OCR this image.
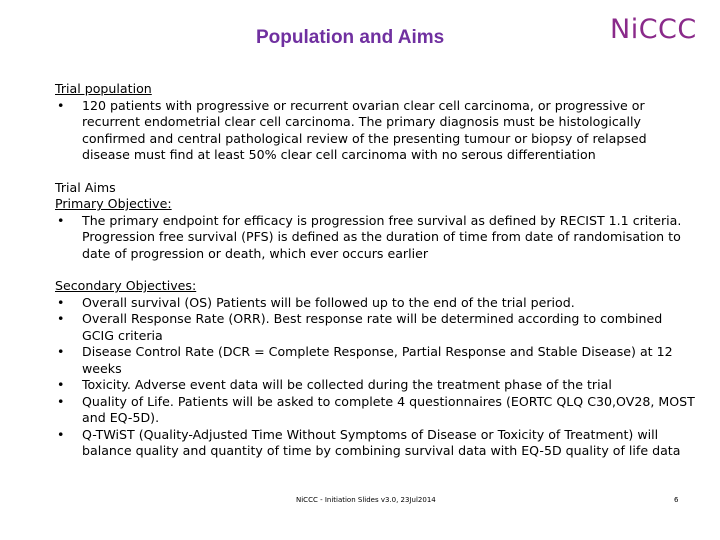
Population and Aims	NiCCC
Trial population
• 120 patients with progressive or recurrent ovarian clear cell carcinoma, or progressive or recurrent endometrial clear cell carcinoma. The primary diagnosis must be histologically confirmed and central pathological review of the presenting tumour or biopsy of relapsed disease must find at least 50% clear cell carcinoma with no serous differentiation
Trial Aims
Primary Objective:
• The primary endpoint for efficacy is progression free survival as defined by RECIST 1.1 criteria. Progression free survival (PFS) is defined as the duration of time from date of randomisation to date of progression or death, which ever occurs earlier
Secondary Objectives:
• Overall survival (OS) Patients will be followed up to the end of the trial period.
• Overall Response Rate (ORR). Best response rate will be determined according to combined GCIG criteria
• Disease Control Rate (DCR = Complete Response, Partial Response and Stable Disease) at 12 weeks
• Toxicity. Adverse event data will be collected during the treatment phase of the trial
• Quality of Life. Patients will be asked to complete 4 questionnaires (EORTC QLQ C30,OV28, MOST and EQ-5D).
• Q-TWiST (Quality-Adjusted Time Without Symptoms of Disease or Toxicity of Treatment) will balance quality and quantity of time by combining survival data with EQ-5D quality of life data
NiCCC - Initiation Slides v3.0, 23Jul2014	6
